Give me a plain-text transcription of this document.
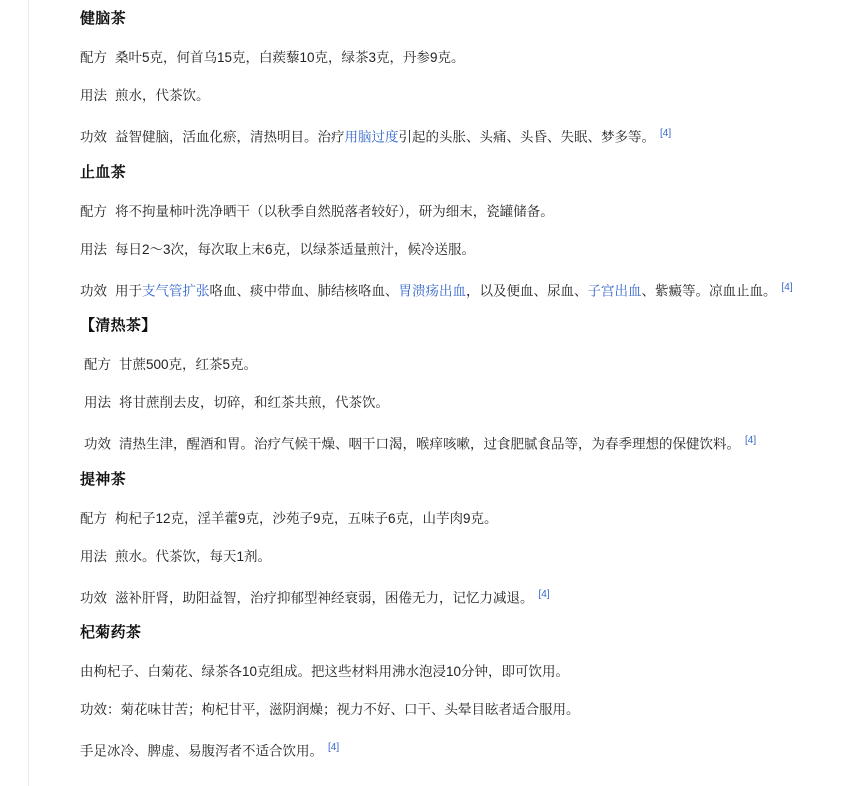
健脑茶

配方 桑叶5克，何首乌15克，白蒺藜10克，绿茶3克，丹参9克。

用法 煎水，代茶饮。

功效 益智健脑，活血化瘀，清热明目。治疗用脑过度引起的头胀、头痛、头昏、失眠、梦多等。 [4]

止血茶

配方 将不拘量柿叶洗净晒干（以秋季自然脱落者较好），研为细末，瓷罐储备。

用法 每日2～3次，每次取上末6克，以绿茶适量煎汁，候冷送服。

功效 用于支气管扩张咯血、痰中带血、肺结核咯血、胃溃疡出血，以及便血、尿血、子宫出血、紫癜等。凉血止血。 [4]

【清热茶】

配方 甘蔗500克，红茶5克。

用法 将甘蔗削去皮，切碎，和红茶共煎，代茶饮。

功效 清热生津，醒酒和胃。治疗气候干燥、咽干口渴，喉痒咳嗽，过食肥腻食品等，为春季理想的保健饮料。 [4]

提神茶

配方 枸杞子12克，淫羊藿9克，沙苑子9克，五味子6克，山芋肉9克。

用法 煎水。代茶饮，每天1剂。

功效 滋补肝肾，助阳益智，治疗抑郁型神经衰弱，困倦无力，记忆力减退。 [4]

杞菊药茶

由枸杞子、白菊花、绿茶各10克组成。把这些材料用沸水泡浸10分钟，即可饮用。

功效：菊花味甘苦；枸杞甘平，滋阴润燥；视力不好、口干、头晕目眩者适合服用。

手足冰冷、脾虚、易腹泻者不适合饮用。 [4]
